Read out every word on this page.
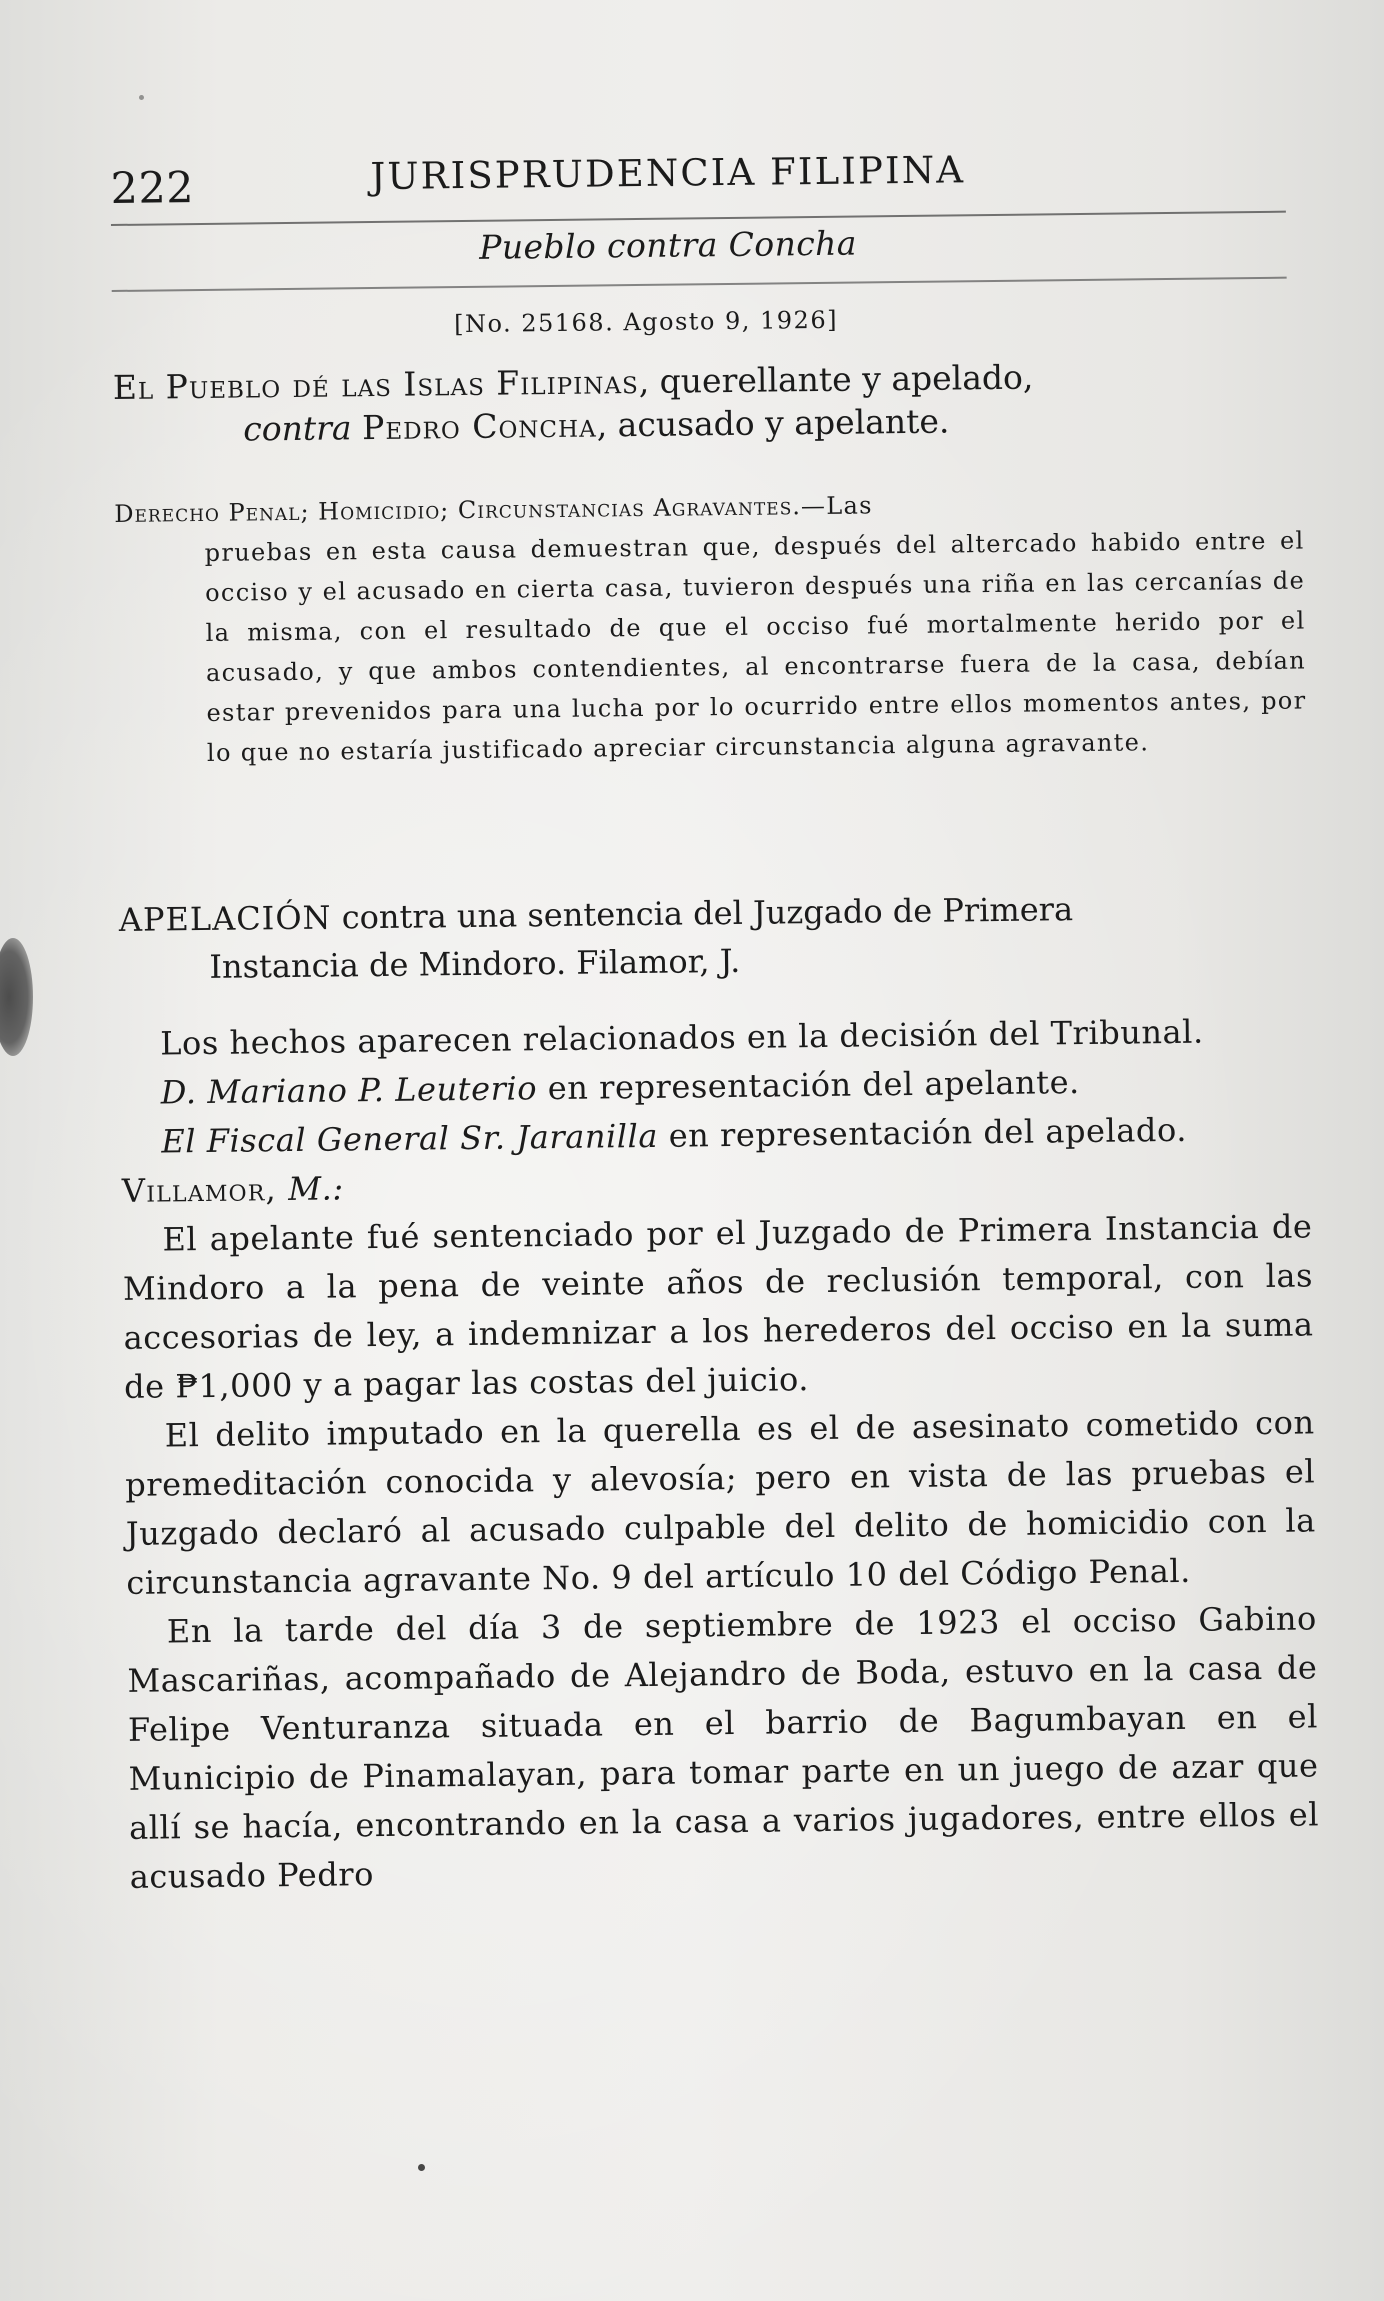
222	JURISPRUDENCIA FILIPINA
Pueblo contra Concha
[No. 25168. Agosto 9, 1926]
El Pueblo dé las Islas Filipinas, querellante y apelado,
contra Pedro Concha, acusado y apelante.
Derecho Penal; Homicidio; Circunstancias Agravantes.—Las
pruebas en esta causa demuestran que, después del altercado habido entre el occiso y el acusado en cierta casa, tuvieron después una riña en las cercanías de la misma, con el resultado de que el occiso fué mortalmente herido por el acusado, y que ambos contendientes, al encontrarse fuera de la casa, debían estar prevenidos para una lucha por lo ocurrido entre ellos momentos antes, por lo que no estaría justificado apreciar circunstancia alguna agravante.
APELACIÓN contra una sentencia del Juzgado de Primera
Instancia de Mindoro. Filamor, J.

Los hechos aparecen relacionados en la decisión del Tribunal.

D. Mariano P. Leuterio en representación del apelante.

El Fiscal General Sr. Jaranilla en representación del apelado.

Villamor, M.:

El apelante fué sentenciado por el Juzgado de Primera Instancia de Mindoro a la pena de veinte años de reclusión temporal, con las accesorias de ley, a indemnizar a los herederos del occiso en la suma de ₱1,000 y a pagar las costas del juicio.

El delito imputado en la querella es el de asesinato cometido con premeditación conocida y alevosía; pero en vista de las pruebas el Juzgado declaró al acusado culpable del delito de homicidio con la circunstancia agravante No. 9 del artículo 10 del Código Penal.

En la tarde del día 3 de septiembre de 1923 el occiso Gabino Mascariñas, acompañado de Alejandro de Boda, estuvo en la casa de Felipe Venturanza situada en el barrio de Bagumbayan en el Municipio de Pinamalayan, para tomar parte en un juego de azar que allí se hacía, encontrando en la casa a varios jugadores, entre ellos el acusado Pedro
